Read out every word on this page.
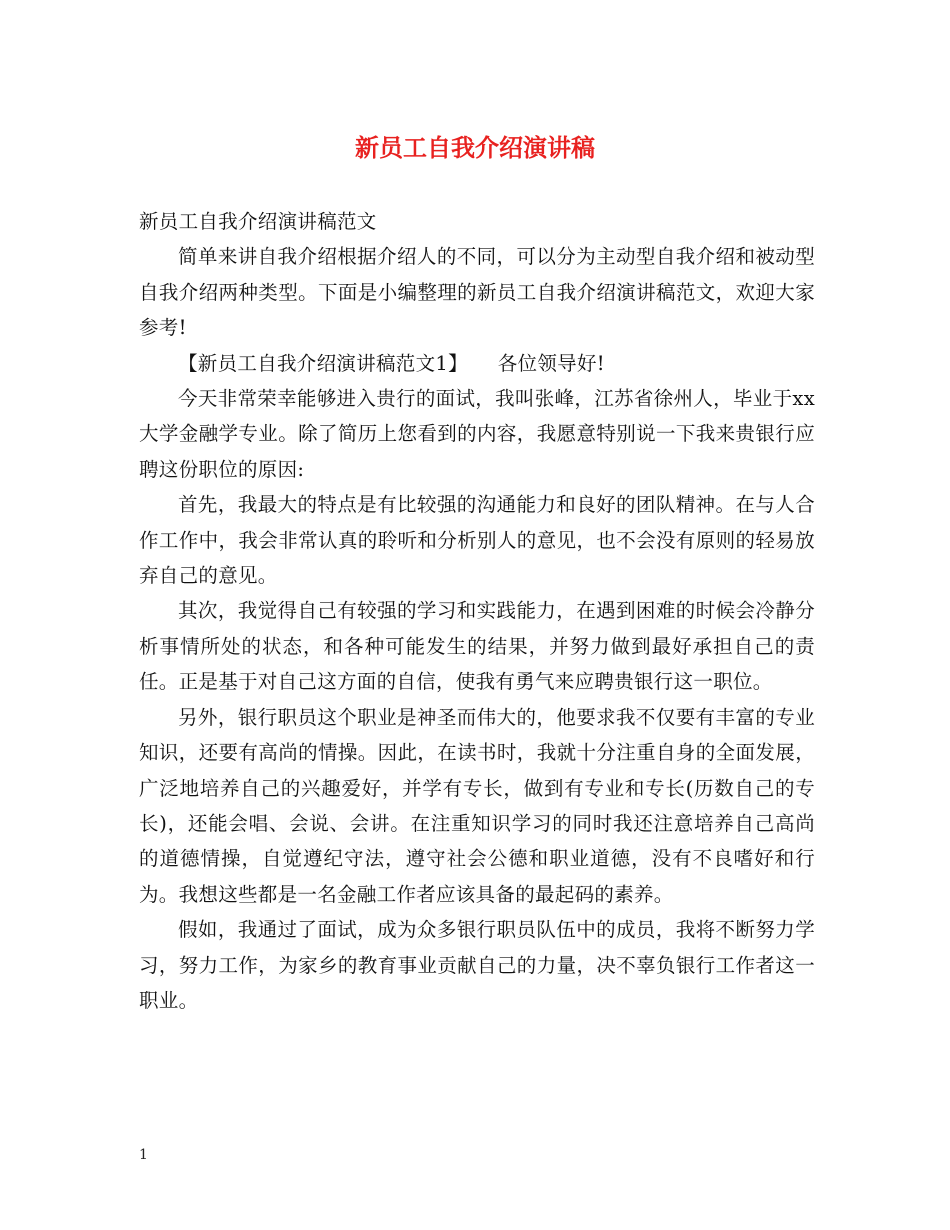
新员工自我介绍演讲稿

新员工自我介绍演讲稿范文

简单来讲自我介绍根据介绍人的不同，可以分为主动型自我介绍和被动型自我介绍两种类型。下面是小编整理的新员工自我介绍演讲稿范文，欢迎大家参考!

【新员工自我介绍演讲稿范文1】　　各位领导好!

今天非常荣幸能够进入贵行的面试，我叫张峰，江苏省徐州人，毕业于xx大学金融学专业。除了简历上您看到的内容，我愿意特别说一下我来贵银行应聘这份职位的原因:

首先，我最大的特点是有比较强的沟通能力和良好的团队精神。在与人合作工作中，我会非常认真的聆听和分析别人的意见，也不会没有原则的轻易放弃自己的意见。

其次，我觉得自己有较强的学习和实践能力，在遇到困难的时候会冷静分析事情所处的状态，和各种可能发生的结果，并努力做到最好承担自己的责任。正是基于对自己这方面的自信，使我有勇气来应聘贵银行这一职位。

另外，银行职员这个职业是神圣而伟大的，他要求我不仅要有丰富的专业知识，还要有高尚的情操。因此，在读书时，我就十分注重自身的全面发展，广泛地培养自己的兴趣爱好，并学有专长，做到有专业和专长(历数自己的专长)，还能会唱、会说、会讲。在注重知识学习的同时我还注意培养自己高尚的道德情操，自觉遵纪守法，遵守社会公德和职业道德，没有不良嗜好和行为。我想这些都是一名金融工作者应该具备的最起码的素养。

假如，我通过了面试，成为众多银行职员队伍中的成员，我将不断努力学习，努力工作，为家乡的教育事业贡献自己的力量，决不辜负银行工作者这一职业。

1
